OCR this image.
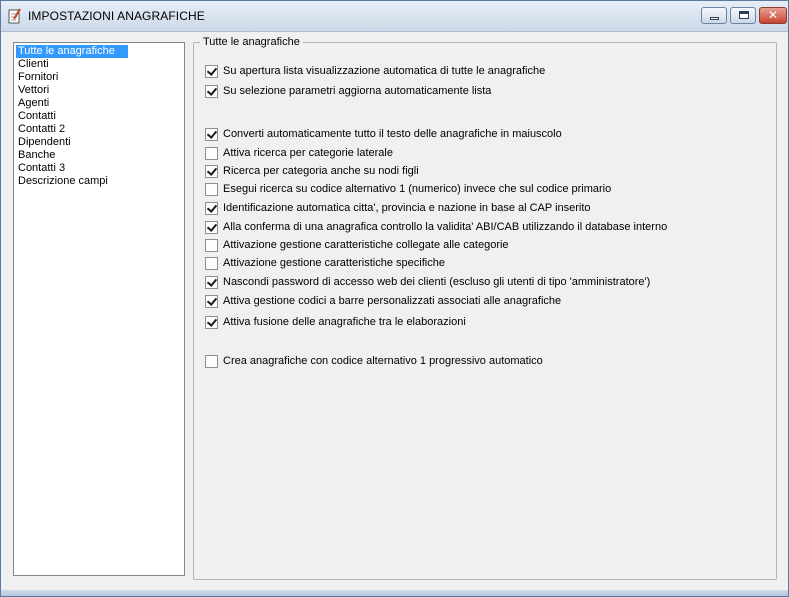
IMPOSTAZIONI ANAGRAFICHE	✕
Tutte le anagrafiche
Clienti
Fornitori
Vettori
Agenti
Contatti
Contatti 2
Dipendenti
Banche
Contatti 3
Descrizione campi
Tutte le anagrafiche
Su apertura lista visualizzazione automatica di tutte le anagrafiche
Su selezione parametri aggiorna automaticamente lista
Converti automaticamente tutto il testo delle anagrafiche in maiuscolo
Attiva ricerca per categorie laterale
Ricerca per categoria anche su nodi figli
Esegui ricerca su codice alternativo 1 (numerico) invece che sul codice primario
Identificazione automatica citta', provincia e nazione in base al CAP inserito
Alla conferma di una anagrafica controllo la validita' ABI/CAB utilizzando il database interno
Attivazione gestione caratteristiche collegate alle categorie
Attivazione gestione caratteristiche specifiche
Nascondi password di accesso web dei clienti (escluso gli utenti di tipo 'amministratore')
Attiva gestione codici a barre personalizzati associati alle anagrafiche
Attiva fusione delle anagrafiche tra le elaborazioni
Crea anagrafiche con codice alternativo 1 progressivo automatico
